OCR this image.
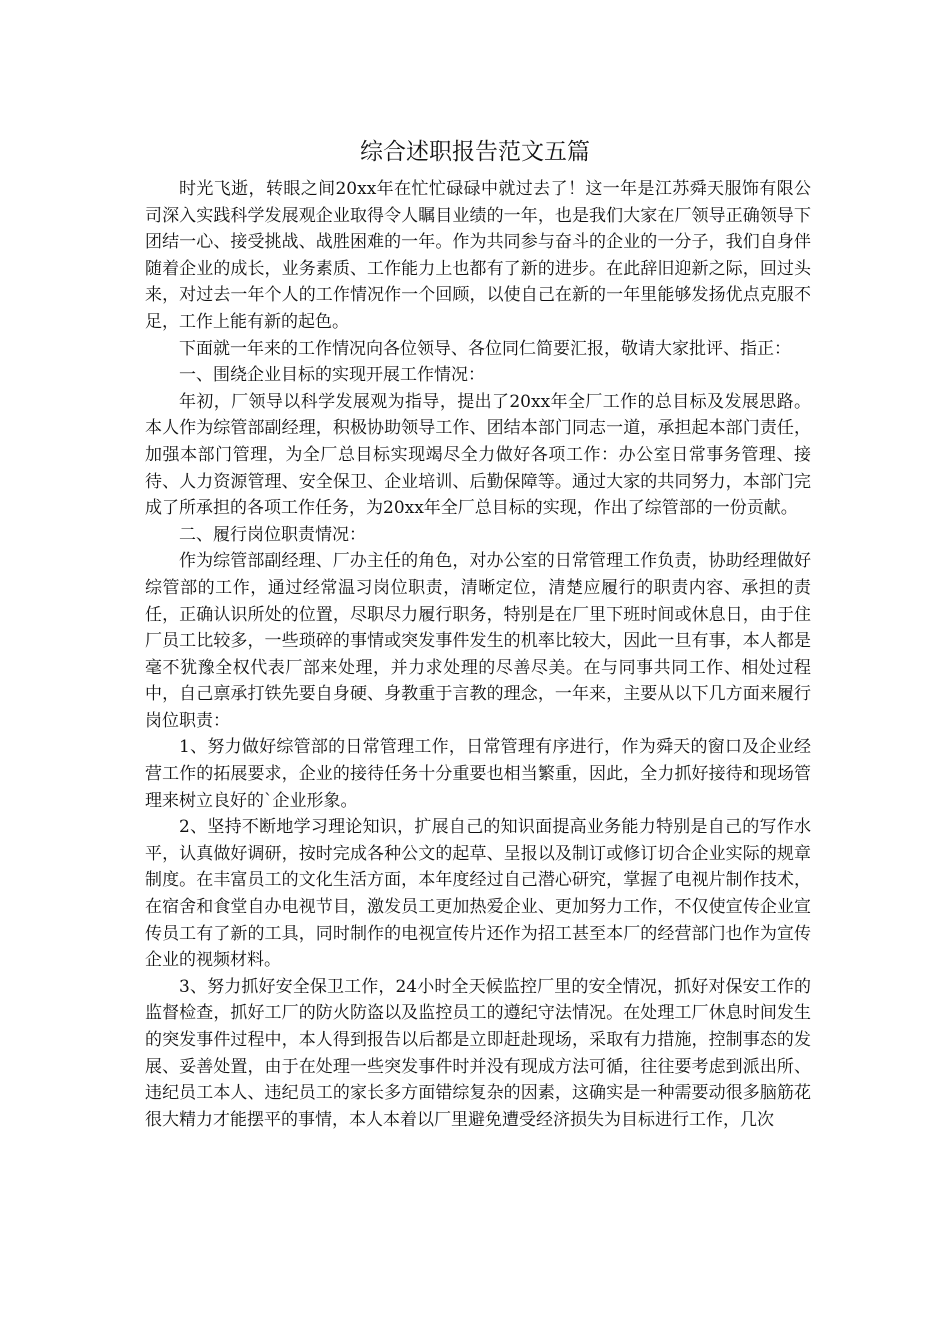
综合述职报告范文五篇

时光飞逝，转眼之间20xx年在忙忙碌碌中就过去了！这一年是江苏舜天服饰有限公司深入实践科学发展观企业取得令人瞩目业绩的一年，也是我们大家在厂领导正确领导下团结一心、接受挑战、战胜困难的一年。作为共同参与奋斗的企业的一分子，我们自身伴随着企业的成长，业务素质、工作能力上也都有了新的进步。在此辞旧迎新之际，回过头来，对过去一年个人的工作情况作一个回顾，以使自己在新的一年里能够发扬优点克服不足，工作上能有新的起色。

下面就一年来的工作情况向各位领导、各位同仁简要汇报，敬请大家批评、指正：

一、围绕企业目标的实现开展工作情况：

年初，厂领导以科学发展观为指导，提出了20xx年全厂工作的总目标及发展思路。本人作为综管部副经理，积极协助领导工作、团结本部门同志一道，承担起本部门责任，加强本部门管理，为全厂总目标实现竭尽全力做好各项工作：办公室日常事务管理、接待、人力资源管理、安全保卫、企业培训、后勤保障等。通过大家的共同努力，本部门完成了所承担的各项工作任务，为20xx年全厂总目标的实现，作出了综管部的一份贡献。

二、履行岗位职责情况：

作为综管部副经理、厂办主任的角色，对办公室的日常管理工作负责，协助经理做好综管部的工作，通过经常温习岗位职责，清晰定位，清楚应履行的职责内容、承担的责任，正确认识所处的位置，尽职尽力履行职务，特别是在厂里下班时间或休息日，由于住厂员工比较多，一些琐碎的事情或突发事件发生的机率比较大，因此一旦有事，本人都是毫不犹豫全权代表厂部来处理，并力求处理的尽善尽美。在与同事共同工作、相处过程中，自己禀承打铁先要自身硬、身教重于言教的理念，一年来，主要从以下几方面来履行岗位职责：

1、努力做好综管部的日常管理工作，日常管理有序进行，作为舜天的窗口及企业经营工作的拓展要求，企业的接待任务十分重要也相当繁重，因此，全力抓好接待和现场管理来树立良好的`企业形象。

2、坚持不断地学习理论知识，扩展自己的知识面提高业务能力特别是自己的写作水平，认真做好调研，按时完成各种公文的起草、呈报以及制订或修订切合企业实际的规章制度。在丰富员工的文化生活方面，本年度经过自己潜心研究，掌握了电视片制作技术，在宿舍和食堂自办电视节目，激发员工更加热爱企业、更加努力工作，不仅使宣传企业宣传员工有了新的工具，同时制作的电视宣传片还作为招工甚至本厂的经营部门也作为宣传企业的视频材料。

3、努力抓好安全保卫工作，24小时全天候监控厂里的安全情况，抓好对保安工作的监督检查，抓好工厂的防火防盗以及监控员工的遵纪守法情况。在处理工厂休息时间发生的突发事件过程中，本人得到报告以后都是立即赶赴现场，采取有力措施，控制事态的发展、妥善处置，由于在处理一些突发事件时并没有现成方法可循，往往要考虑到派出所、违纪员工本人、违纪员工的家长多方面错综复杂的因素，这确实是一种需要动很多脑筋花很大精力才能摆平的事情，本人本着以厂里避免遭受经济损失为目标进行工作，几次
